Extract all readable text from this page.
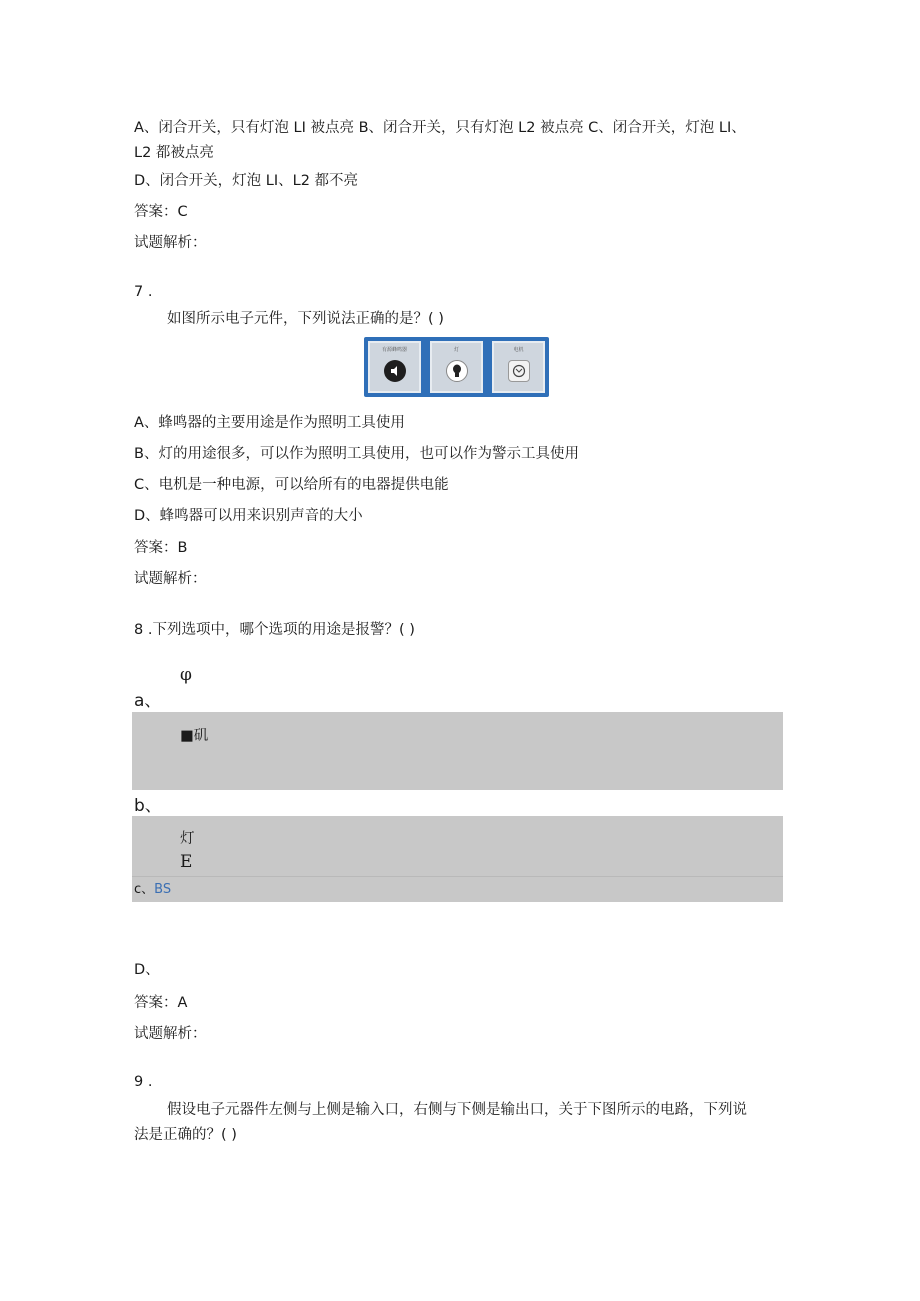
A、闭合开关，只有灯泡 LI 被点亮 B、闭合开关，只有灯泡 L2 被点亮 C、闭合开关，灯泡 LI、
L2 都被点亮
D、闭合开关，灯泡 LI、L2 都不亮
答案：C
试题解析：
7 .
如图所示电子元件，下列说法正确的是？( )
有源蜂鸣器	灯	电机
A、蜂鸣器的主要用途是作为照明工具使用
B、灯的用途很多，可以作为照明工具使用，也可以作为警示工具使用
C、电机是一种电源，可以给所有的电器提供电能
D、蜂鸣器可以用来识别声音的大小
答案：B
试题解析：
8 .下列选项中，哪个选项的用途是报警？( )
φ
a、
■矶
b、
灯
E
c、BS
D、
答案：A
试题解析：
9 .
假设电子元器件左侧与上侧是输入口，右侧与下侧是输出口，关于下图所示的电路，下列说
法是正确的？( )
